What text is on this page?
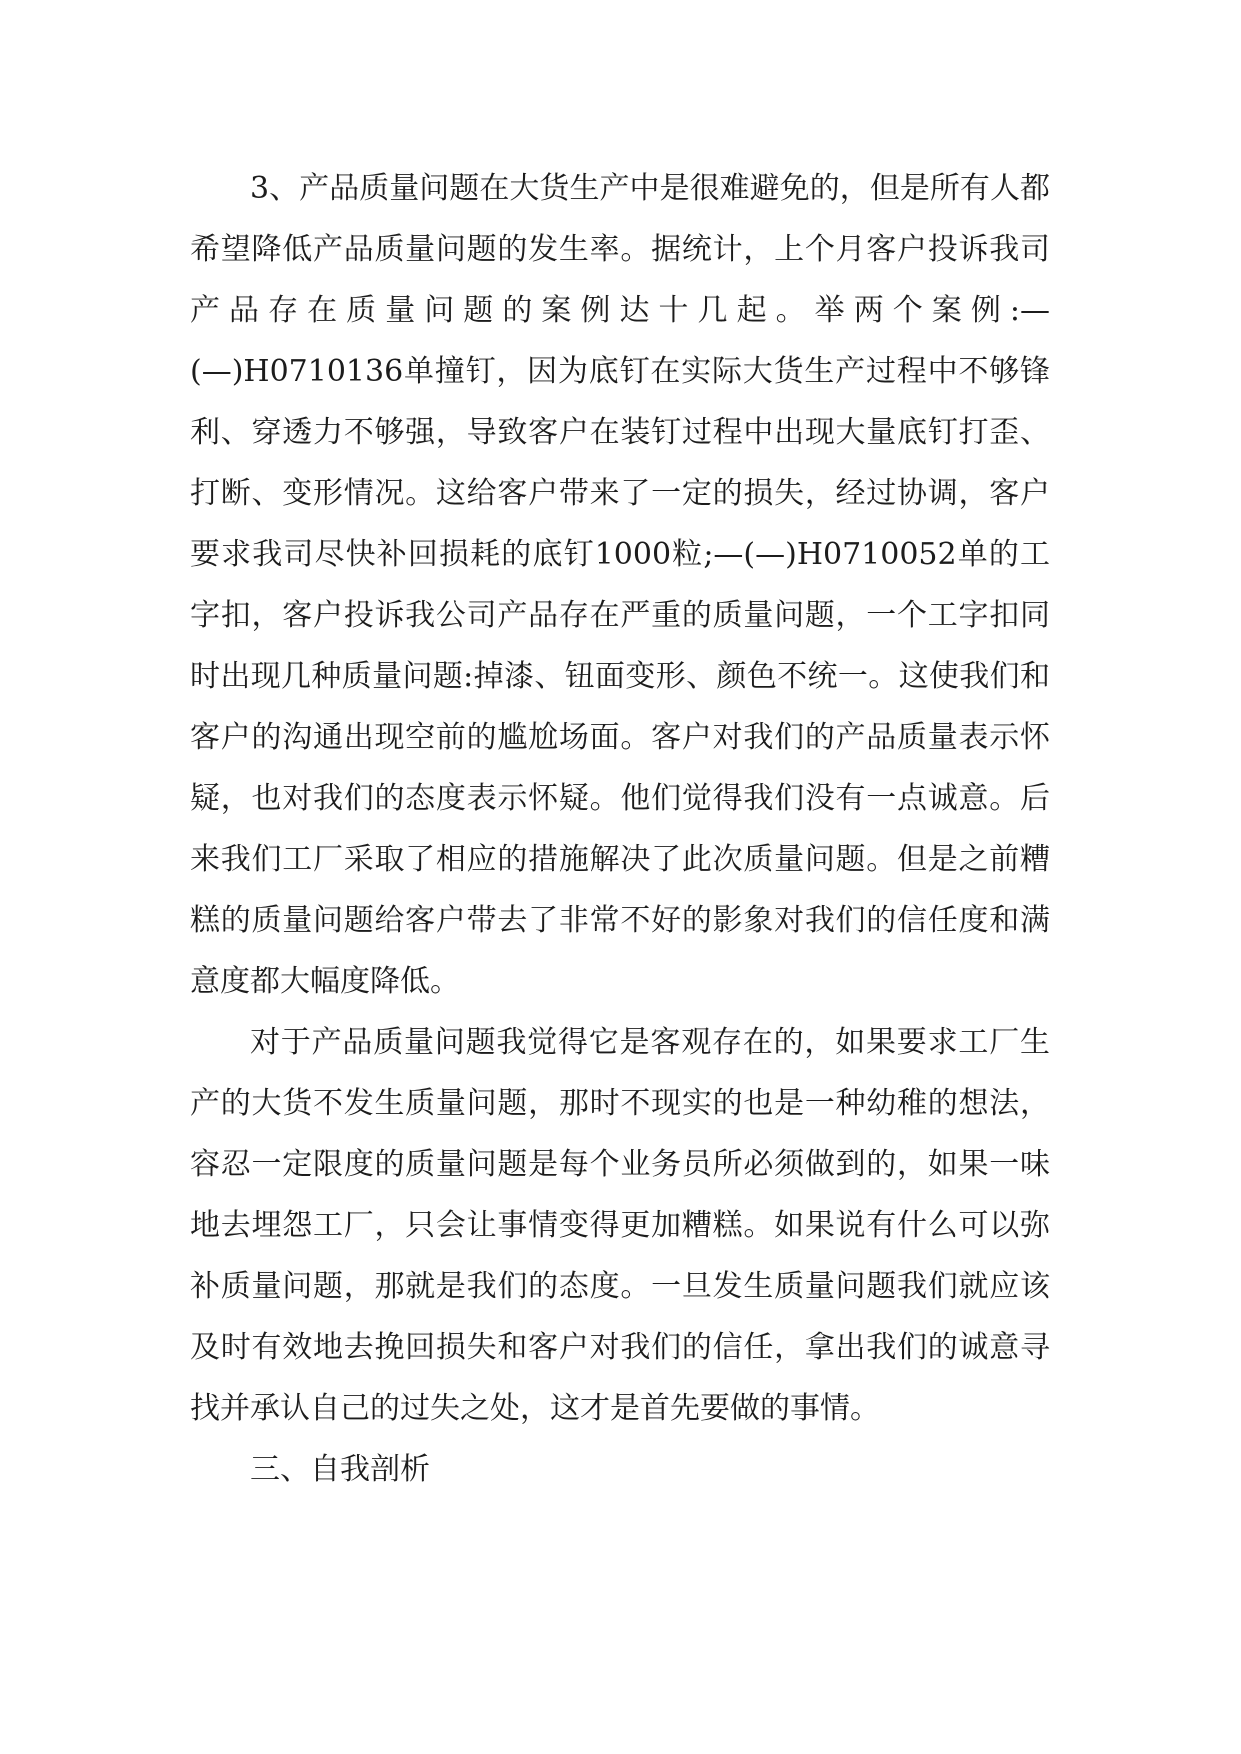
3、产品质量问题在大货生产中是很难避免的，但是所有人都希望降低产品质量问题的发生率。据统计，上个月客户投诉我司产品存在质量问题的案例达十几起。举两个案例:—(—)H0710136单撞钉，因为底钉在实际大货生产过程中不够锋利、穿透力不够强，导致客户在装钉过程中出现大量底钉打歪、打断、变形情况。这给客户带来了一定的损失，经过协调，客户要求我司尽快补回损耗的底钉1000粒;—(—)H0710052单的工字扣，客户投诉我公司产品存在严重的质量问题，一个工字扣同时出现几种质量问题:掉漆、钮面变形、颜色不统一。这使我们和客户的沟通出现空前的尴尬场面。客户对我们的产品质量表示怀疑，也对我们的态度表示怀疑。他们觉得我们没有一点诚意。后来我们工厂采取了相应的措施解决了此次质量问题。但是之前糟糕的质量问题给客户带去了非常不好的影象对我们的信任度和满意度都大幅度降低。

对于产品质量问题我觉得它是客观存在的，如果要求工厂生产的大货不发生质量问题，那时不现实的也是一种幼稚的想法，容忍一定限度的质量问题是每个业务员所必须做到的，如果一味地去埋怨工厂，只会让事情变得更加糟糕。如果说有什么可以弥补质量问题，那就是我们的态度。一旦发生质量问题我们就应该及时有效地去挽回损失和客户对我们的信任，拿出我们的诚意寻找并承认自己的过失之处，这才是首先要做的事情。

三、自我剖析
